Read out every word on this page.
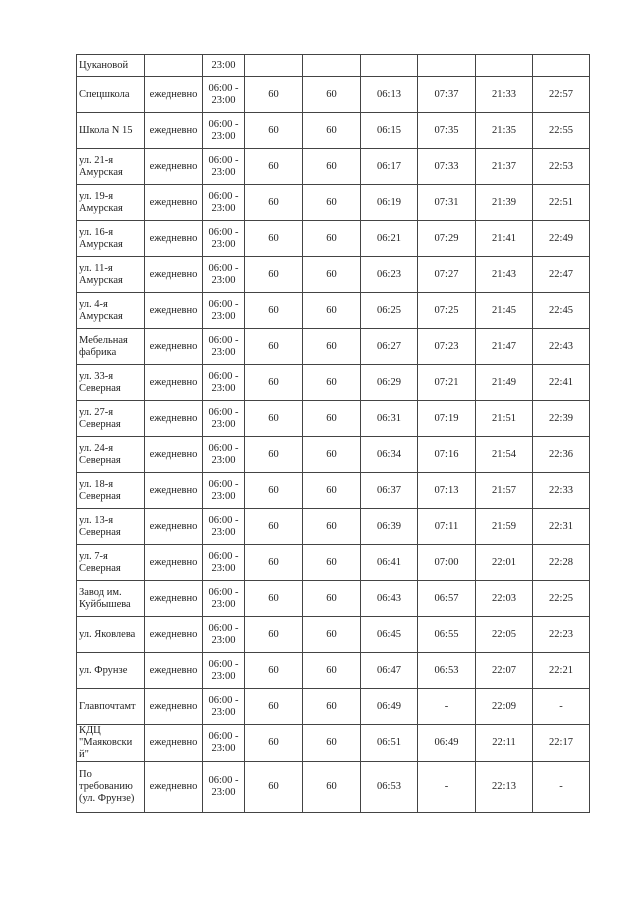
Цукановой		23:00						
Спецшкола	ежедневно	06:00 - 23:00	60	60	06:13	07:37	21:33	22:57
Школа N 15	ежедневно	06:00 - 23:00	60	60	06:15	07:35	21:35	22:55
ул. 21-я Амурская	ежедневно	06:00 - 23:00	60	60	06:17	07:33	21:37	22:53
ул. 19-я Амурская	ежедневно	06:00 - 23:00	60	60	06:19	07:31	21:39	22:51
ул. 16-я Амурская	ежедневно	06:00 - 23:00	60	60	06:21	07:29	21:41	22:49
ул. 11-я Амурская	ежедневно	06:00 - 23:00	60	60	06:23	07:27	21:43	22:47
ул. 4-я Амурская	ежедневно	06:00 - 23:00	60	60	06:25	07:25	21:45	22:45
Мебельная фабрика	ежедневно	06:00 - 23:00	60	60	06:27	07:23	21:47	22:43
ул. 33-я Северная	ежедневно	06:00 - 23:00	60	60	06:29	07:21	21:49	22:41
ул. 27-я Северная	ежедневно	06:00 - 23:00	60	60	06:31	07:19	21:51	22:39
ул. 24-я Северная	ежедневно	06:00 - 23:00	60	60	06:34	07:16	21:54	22:36
ул. 18-я Северная	ежедневно	06:00 - 23:00	60	60	06:37	07:13	21:57	22:33
ул. 13-я Северная	ежедневно	06:00 - 23:00	60	60	06:39	07:11	21:59	22:31
ул. 7-я Северная	ежедневно	06:00 - 23:00	60	60	06:41	07:00	22:01	22:28
Завод им. Куйбышева	ежедневно	06:00 - 23:00	60	60	06:43	06:57	22:03	22:25
ул. Яковлева	ежедневно	06:00 - 23:00	60	60	06:45	06:55	22:05	22:23
ул. Фрунзе	ежедневно	06:00 - 23:00	60	60	06:47	06:53	22:07	22:21
Главпочтамт	ежедневно	06:00 - 23:00	60	60	06:49	-	22:09	-
КДЦ "Маяковски й"	ежедневно	06:00 - 23:00	60	60	06:51	06:49	22:11	22:17
По требованию (ул. Фрунзе)	ежедневно	06:00 - 23:00	60	60	06:53	-	22:13	-
